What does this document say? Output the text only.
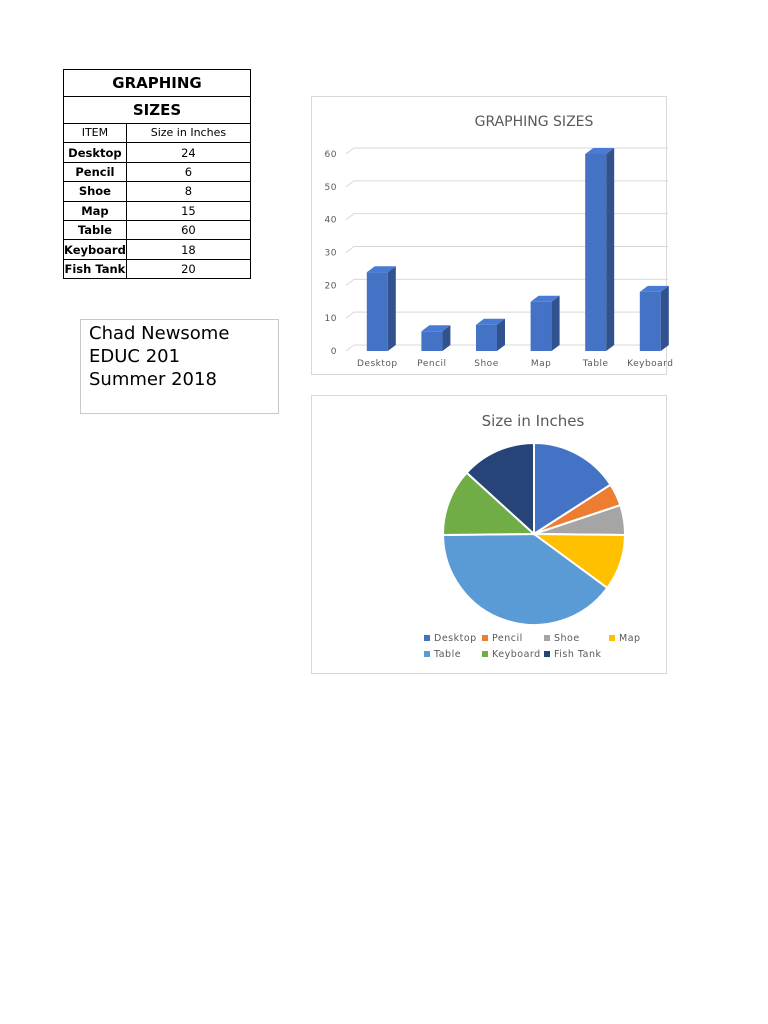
GRAPHING	
SIZES	
ITEM	Size in Inches
Desktop	24
Pencil	6
Shoe	8
Map	15
Table	60
Keyboard	18
Fish Tank	20
Chad Newsome
EDUC 201
Summer 2018
GRAPHING SIZES
0
10
20
30
40
50
60
Desktop Pencil	Shoe	Map	Table Keyboard
Size in Inches
Desktop Pencil	Shoe	Map
Table	Keyboard Fish Tank
